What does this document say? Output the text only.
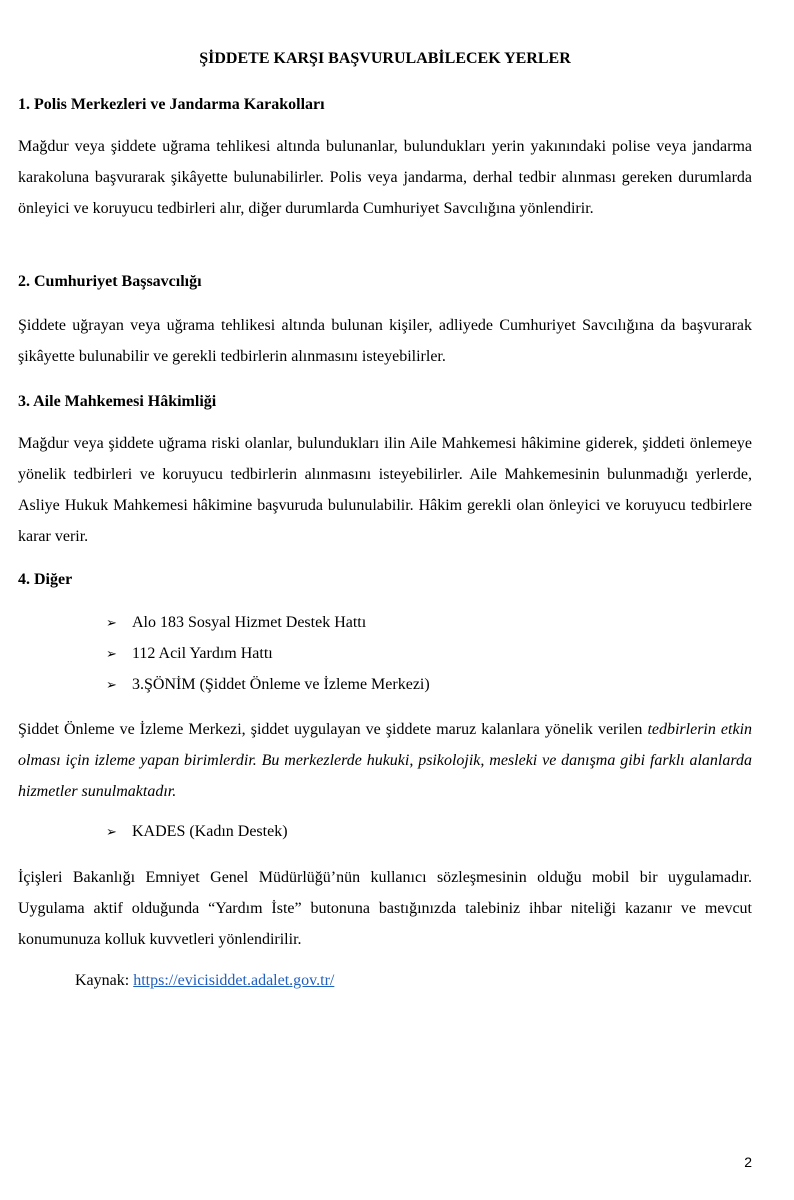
ŞİDDETE KARŞI BAŞVURULABİLECEK YERLER
1. Polis Merkezleri ve Jandarma Karakolları

Mağdur veya şiddete uğrama tehlikesi altında bulunanlar, bulundukları yerin yakınındaki polise veya jandarma karakoluna başvurarak şikâyette bulunabilirler. Polis veya jandarma, derhal tedbir alınması gereken durumlarda önleyici ve koruyucu tedbirleri alır, diğer durumlarda Cumhuriyet Savcılığına yönlendirir.

2. Cumhuriyet Başsavcılığı

Şiddete uğrayan veya uğrama tehlikesi altında bulunan kişiler, adliyede Cumhuriyet Savcılığına da başvurarak şikâyette bulunabilir ve gerekli tedbirlerin alınmasını isteyebilirler.

3. Aile Mahkemesi Hâkimliği

Mağdur veya şiddete uğrama riski olanlar, bulundukları ilin Aile Mahkemesi hâkimine giderek, şiddeti önlemeye yönelik tedbirleri ve koruyucu tedbirlerin alınmasını isteyebilirler. Aile Mahkemesinin bulunmadığı yerlerde, Asliye Hukuk Mahkemesi hâkimine başvuruda bulunulabilir. Hâkim gerekli olan önleyici ve koruyucu tedbirlere karar verir.

4. Diğer
➢ Alo 183 Sosyal Hizmet Destek Hattı
➢ 112 Acil Yardım Hattı
➢ 3.ŞÖNİM (Şiddet Önleme ve İzleme Merkezi)

Şiddet Önleme ve İzleme Merkezi, şiddet uygulayan ve şiddete maruz kalanlara yönelik verilen tedbirlerin etkin olması için izleme yapan birimlerdir. Bu merkezlerde hukuki, psikolojik, mesleki ve danışma gibi farklı alanlarda hizmetler sunulmaktadır.

➢ KADES (Kadın Destek)

İçişleri Bakanlığı Emniyet Genel Müdürlüğü’nün kullanıcı sözleşmesinin olduğu mobil bir uygulamadır. Uygulama aktif olduğunda “Yardım İste” butonuna bastığınızda talebiniz ihbar niteliği kazanır ve mevcut konumunuza kolluk kuvvetleri yönlendirilir.

Kaynak: https://evicisiddet.adalet.gov.tr/

2
